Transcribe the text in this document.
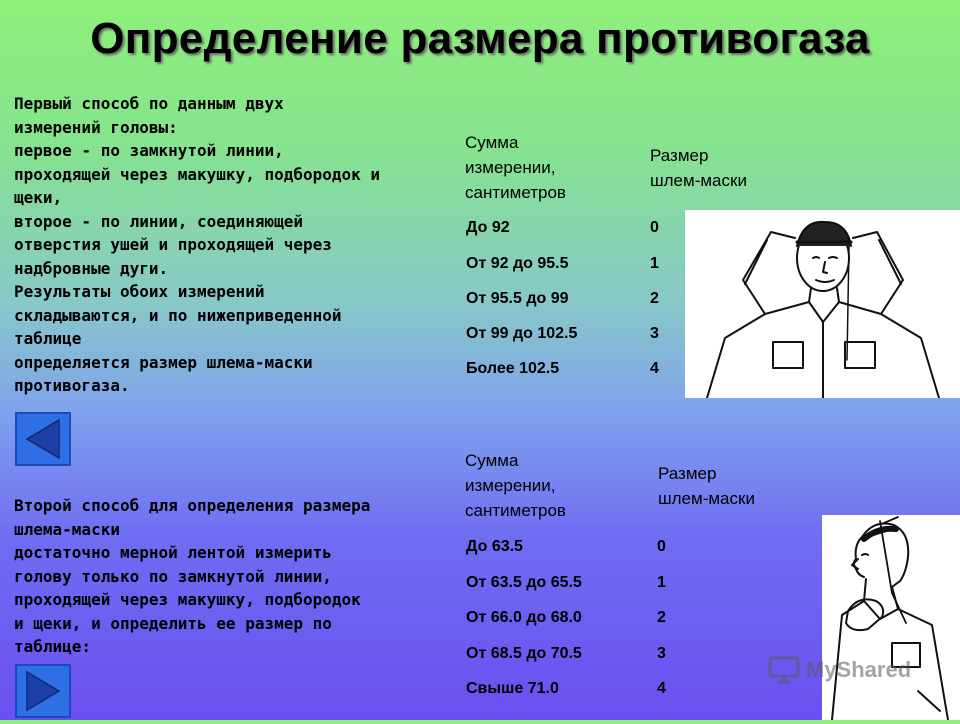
Определение размера противогаза

Первый способ по данным двух
измерений головы:
первое - по замкнутой линии,
проходящей через макушку, подбородок и
щеки,
второе - по линии, соединяющей
отверстия ушей и проходящей через
надбровные дуги.
Результаты обоих измерений
складываются, и по нижеприведенной
таблице
определяется размер шлема-маски
противогаза.

Сумма
измерении,
сантиметров
Размер
шлем-маски
До 92	0
От 92 до 95.5	1
От 95.5 до 99	2
От 99 до 102.5	3
Более 102.5	4

Второй способ для определения размера
шлема-маски
достаточно мерной лентой измерить
голову только по замкнутой линии,
проходящей через макушку, подбородок
и щеки, и определить ее размер по
таблице:

Сумма
измерении,
сантиметров
Размер
шлем-маски
До 63.5	0
От 63.5 до 65.5	1
От 66.0 до 68.0	2
От 68.5 до 70.5	3
Свыше 71.0	4
MyShared
